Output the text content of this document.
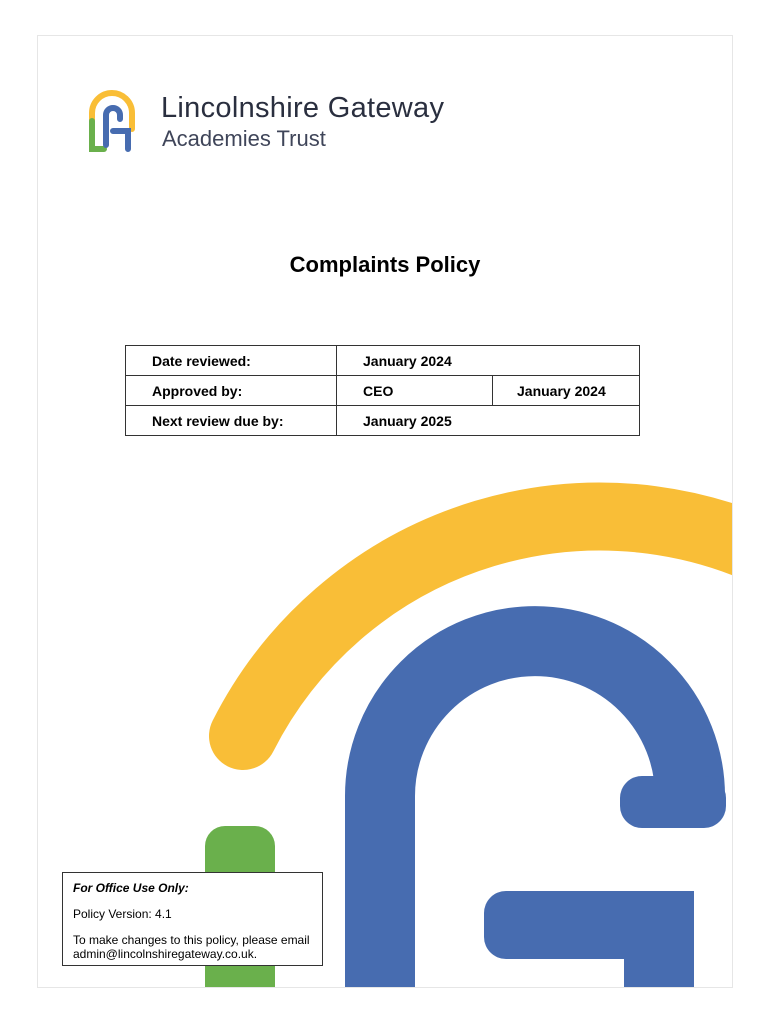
Lincolnshire Gateway
Academies Trust
Complaints Policy
Date reviewed:	January 2024	
Approved by:	CEO	January 2024
Next review due by:	January 2025	
For Office Use Only:
Policy Version: 4.1
To make changes to this policy, please email admin@lincolnshiregateway.co.uk.
